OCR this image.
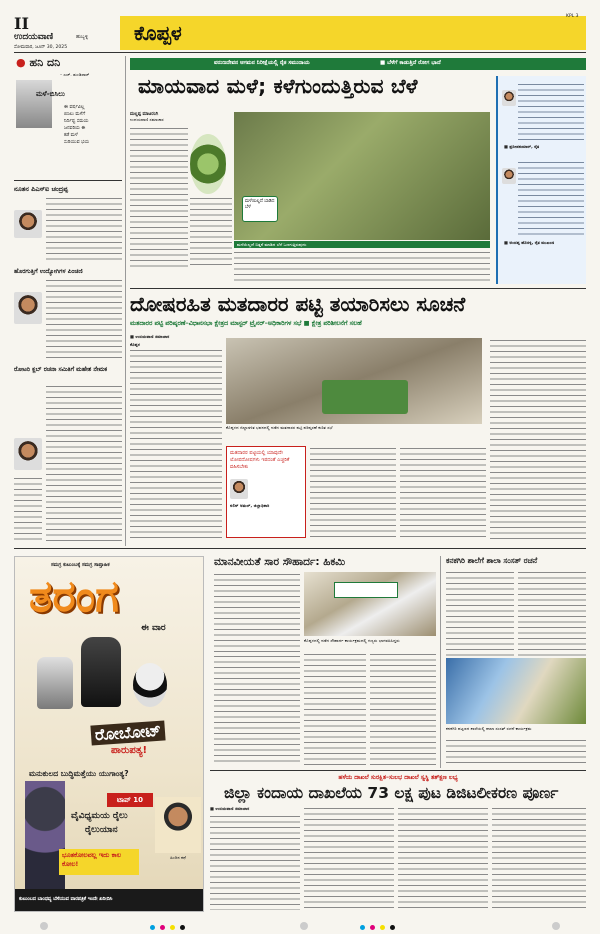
II
ಉದಯವಾಣಿ	ಹುಬ್ಬಳ್ಳಿ
ಸೋಮವಾರ, ಜೂನ್ 30, 2025
ಕೊಪ್ಪಳ
KPL 3
● ಹನಿ ದನಿ
– ಎಚ್. ಡುಂಡಿರಾಜ್
ಮಳೆ-ಬಿಸಿಲು
ಈ ವರ್ಷವಿಲ್ಲ
ಬಿಸಿಲು ಮಳೆಗೆ
ನಿರ್ದಿಷ್ಟ ಸಮಯ
ಜನವರಿಯ ಈ
ಕಡೆ ಮಳೆ
ಸುರಿಯುವ ಭಯ
ನೂತನ ಪಿಎಸ್ಐ ಚಂದ್ರಪ್ಪ
ಹೊರಗುತ್ತಿಗೆ ಉದ್ಯೋಗಿಗಳ ಪಿಂಚಣಿ
ರೋಟರಿ ಕ್ಲಬ್ ರಚನಾ ಸಮಿತಿಗೆ ಮಹೇಶ ನೇಮಕ
ವರುಣದೇವನ ಆಗಮನ ನಿರೀಕ್ಷೆಯಲ್ಲಿ ರೈತ ಸಮುದಾಯ	■ ಬೆಳೆಗೆ ಕಾಡುತ್ತಿದೆ ರೋಗ ಭಾದೆ
ಮಾಯವಾದ ಮಳೆ; ಕಳೆಗುಂದುತ್ತಿರುವ ಬೆಳೆ
ಮಲ್ಲಪ್ಪ ಮಾಟರಂಗಿ
ಉದಯವಾಣಿ ಸಮಾಚಾರ
ಮಳೆಯಿಲ್ಲದೆ ಬಾಡಿದ ಬೆಳೆ
ಮಳೆಯಿಲ್ಲದೆ ಬಿತ್ತನೆ ಮಾಡಿದ ಬೆಳೆ ಒಣಗುತ್ತಿರುವುದು
■ ಪ್ರದೀಪಕುಮಾರ್, ರೈತ
■ ಅಂದಪ್ಪ ಹೊಸಳ್ಳಿ, ರೈತ ಮುಖಂಡ
ದೋಷರಹಿತ ಮತದಾರರ ಪಟ್ಟಿ ತಯಾರಿಸಲು ಸೂಚನೆ
ಮತದಾರರ ಪಟ್ಟಿ ಪರಿಷ್ಕರಣೆ–ವಿಧಾನಸಭಾ ಕ್ಷೇತ್ರದ ಮಾಸ್ಟರ್ ಟ್ರೈನರ್–ಅಧಿಕಾರಿಗಳ ಸಭೆ ■ ಕ್ಷೇತ್ರ ಪರಿಶೀಲನೆಗೆ ಸಲಹೆ
■ ಉದಯವಾಣಿ ಸಮಾಚಾರ
ಕೊಪ್ಪಳ
ಕೊಪ್ಪಳದ ಜಿಲ್ಲಾಡಳಿತ ಭವನದಲ್ಲಿ ನಡೆದ ಮತದಾರರ ಪಟ್ಟಿ ಪರಿಷ್ಕರಣೆ ಕುರಿತ ಸಭೆ
ಮತದಾರರ ಪಟ್ಟಿಯಲ್ಲಿ ಯಾವುದೇ ಲೋಪದೋಷಗಳು ಇರದಂತೆ ಎಚ್ಚರಿಕೆ ವಹಿಸಬೇಕು
ನಲಿನ್ ಅತುಲ್, ಜಿಲ್ಲಾಧಿಕಾರಿ
ಸಮಗ್ರ ಕುಟುಂಬಕ್ಕೆ ಸಮಗ್ರ ಸಾಪ್ತಾಹಿಕ
ತರಂಗ
ಈ ವಾರ
ರೋಬೋಟ್
ಪಾರುಪತ್ಯ!
ಮನುಕುಲದ ಬುದ್ಧಿಮತ್ತೆಯು ಯುಗಾಂತ್ಯ?
ಟಾಪ್ 10
ವೈವಿಧ್ಯಮಯ ರೈಲು
ರೈಲುಯಾನ
ಹಿಂದಿನ ಕಥೆ
ಭೂತಕೋಲವಲ್ಲ ಇದು ಕಾಲ ಕೋಲ!
ಕುಟುಂಬದ ಬಾಂಧವ್ಯ ಬೆಸೆಯುವ ವಾರಪತ್ರಿಕೆ ಇಂದೇ ಖರೀದಿಸಿ
ಮಾನವೀಯತೆ ಸಾರ ಸೌಹಾರ್ದ: ಹಿಕಮಿ
ಕೊಪ್ಪಳದಲ್ಲಿ ನಡೆದ ಸೌಹಾರ್ದ ಕಾರ್ಯಕ್ರಮದಲ್ಲಿ ಗಣ್ಯರು ಭಾಗವಹಿಸಿದ್ದರು
ಕನಕಗಿರಿ ಶಾಲೆಗೆ ಶಾಲಾ ಸಂಸತ್ ರಚನೆ
ಕನಕಗಿರಿ ಪಟ್ಟಣದ ಶಾಲೆಯಲ್ಲಿ ಶಾಲಾ ಸಂಸತ್ ರಚನೆ ಕಾರ್ಯಕ್ರಮ
ಹಳೆಯ ದಾಖಲೆ ಸುರಕ್ಷಿತ–ಸುಲಭ ದಾಖಲೆ ಸ್ವಸ್ಥಿ ತತ್ಕ್ಷಣ ಲಭ್ಯ
ಜಿಲ್ಲಾ ಕಂದಾಯ ದಾಖಲೆಯ 73 ಲಕ್ಷ ಪುಟ ಡಿಜಿಟಲೀಕರಣ ಪೂರ್ಣ
■ ಉದಯವಾಣಿ ಸಮಾಚಾರ
